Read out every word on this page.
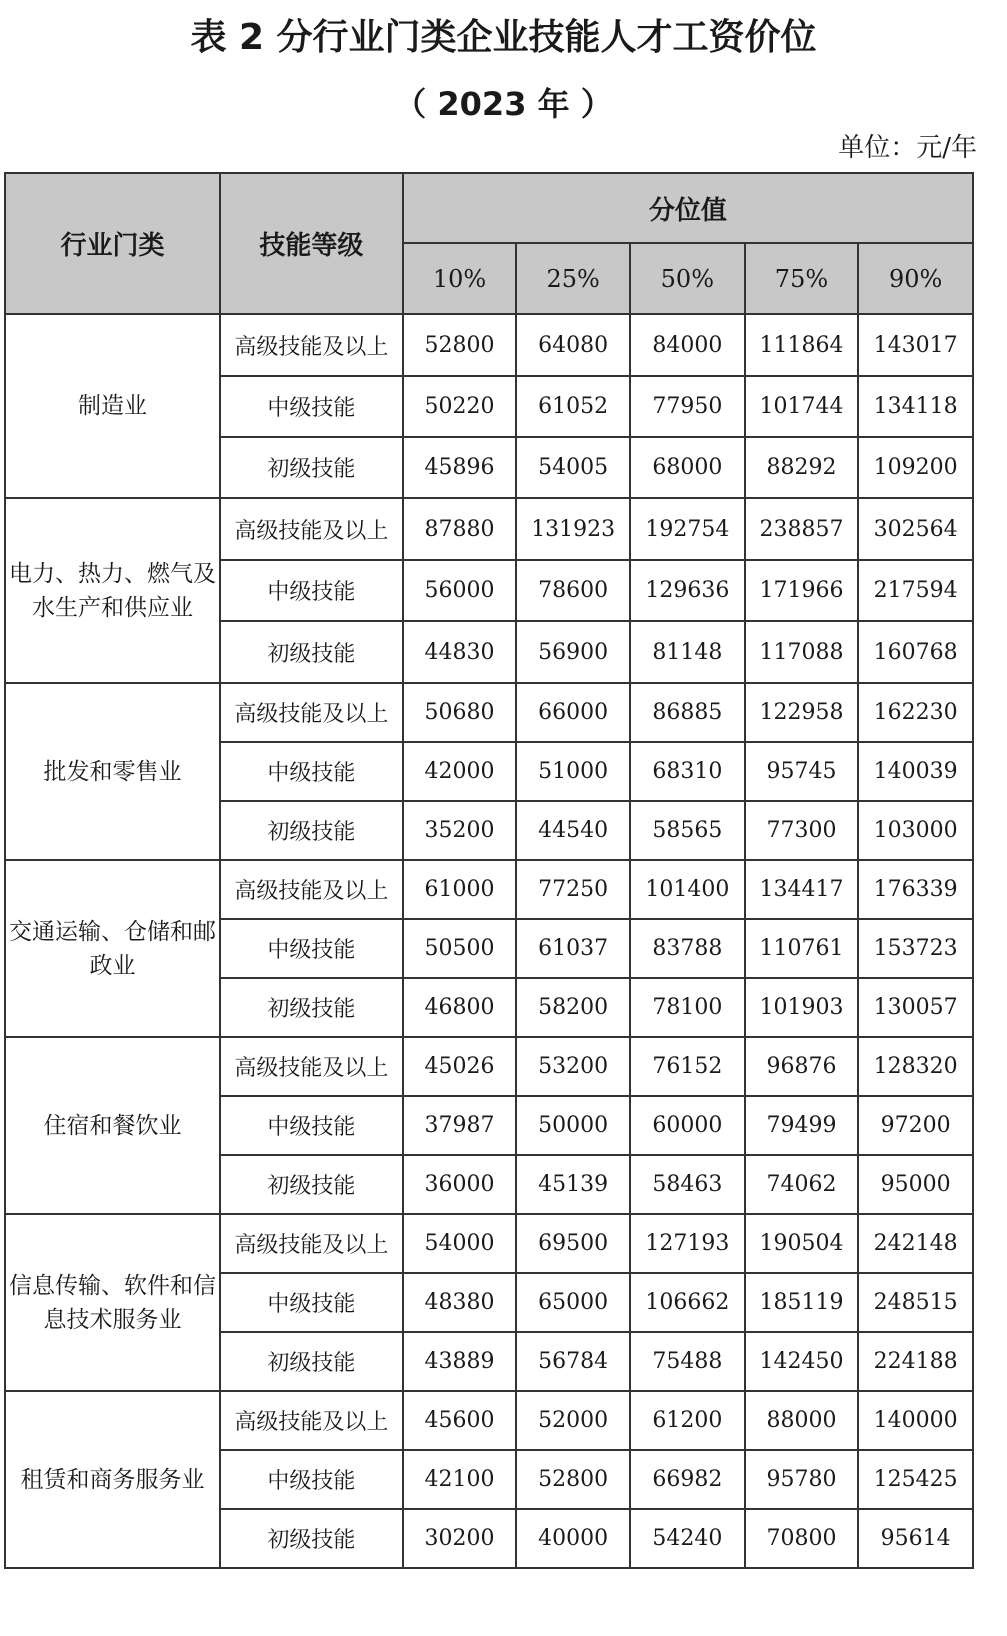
表 2 分行业门类企业技能人才工资价位
（ 2023 年 ）
单位：元/年
行业门类	技能等级	分位值				
		10%	25%	50%	75%	90%
制造业	高级技能及以上	52800	64080	84000	111864	143017
	中级技能	50220	61052	77950	101744	134118
	初级技能	45896	54005	68000	88292	109200
电力、热力、燃气及水生产和供应业	高级技能及以上	87880	131923	192754	238857	302564
	中级技能	56000	78600	129636	171966	217594
	初级技能	44830	56900	81148	117088	160768
批发和零售业	高级技能及以上	50680	66000	86885	122958	162230
	中级技能	42000	51000	68310	95745	140039
	初级技能	35200	44540	58565	77300	103000
交通运输、仓储和邮政业	高级技能及以上	61000	77250	101400	134417	176339
	中级技能	50500	61037	83788	110761	153723
	初级技能	46800	58200	78100	101903	130057
住宿和餐饮业	高级技能及以上	45026	53200	76152	96876	128320
	中级技能	37987	50000	60000	79499	97200
	初级技能	36000	45139	58463	74062	95000
信息传输、软件和信息技术服务业	高级技能及以上	54000	69500	127193	190504	242148
	中级技能	48380	65000	106662	185119	248515
	初级技能	43889	56784	75488	142450	224188
租赁和商务服务业	高级技能及以上	45600	52000	61200	88000	140000
	中级技能	42100	52800	66982	95780	125425
	初级技能	30200	40000	54240	70800	95614
